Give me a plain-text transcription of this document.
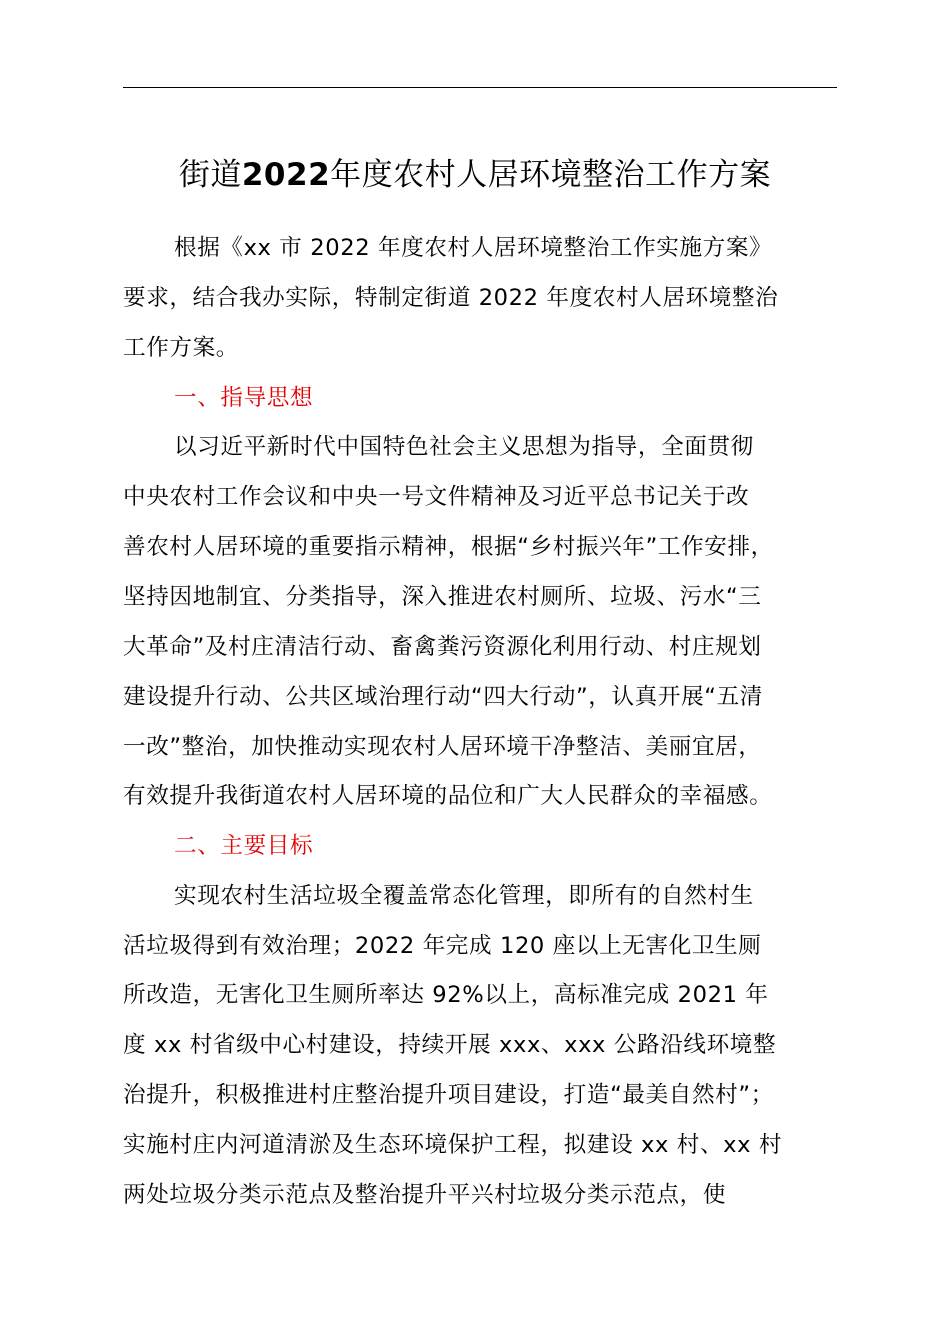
街道2022年度农村人居环境整治工作方案
根据《xx 市 2022 年度农村人居环境整治工作实施方案》
要求，结合我办实际，特制定街道 2022 年度农村人居环境整治
工作方案。
一、指导思想
以习近平新时代中国特色社会主义思想为指导，全面贯彻
中央农村工作会议和中央一号文件精神及习近平总书记关于改
善农村人居环境的重要指示精神，根据“乡村振兴年”工作安排，
坚持因地制宜、分类指导，深入推进农村厕所、垃圾、污水“三
大革命”及村庄清洁行动、畜禽粪污资源化利用行动、村庄规划
建设提升行动、公共区域治理行动“四大行动”，认真开展“五清
一改”整治，加快推动实现农村人居环境干净整洁、美丽宜居，
有效提升我街道农村人居环境的品位和广大人民群众的幸福感。
二、主要目标
实现农村生活垃圾全覆盖常态化管理，即所有的自然村生
活垃圾得到有效治理；2022 年完成 120 座以上无害化卫生厕
所改造，无害化卫生厕所率达 92%以上，高标准完成 2021 年
度 xx 村省级中心村建设，持续开展 xxx、xxx 公路沿线环境整
治提升，积极推进村庄整治提升项目建设，打造“最美自然村”；
实施村庄内河道清淤及生态环境保护工程，拟建设 xx 村、xx 村
两处垃圾分类示范点及整治提升平兴村垃圾分类示范点，使
